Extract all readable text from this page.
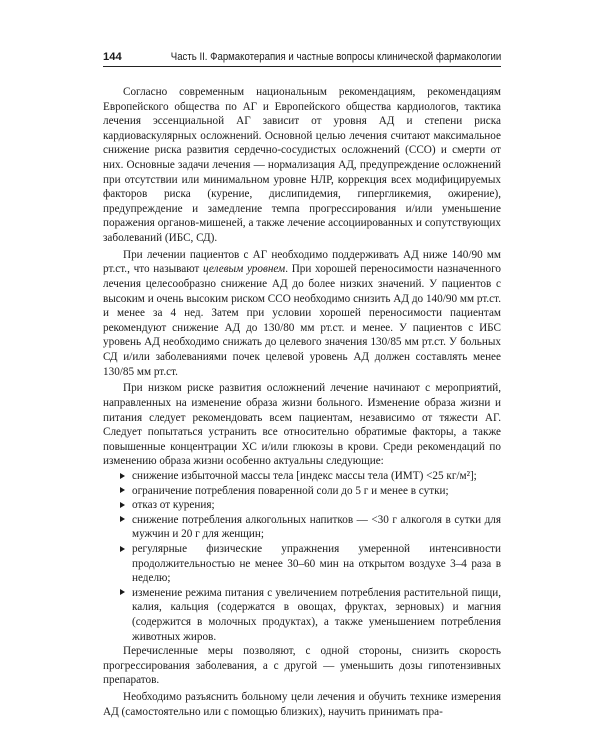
144	Часть II. Фармакотерапия и частные вопросы клинической фармакологии

Согласно современным национальным рекомендациям, рекомендациям Европейского общества по АГ и Европейского общества кардиологов, тактика лечения эссенциальной АГ зависит от уровня АД и степени риска кардиоваскулярных осложнений. Основной целью лечения считают максимальное снижение риска развития сердечно-сосудистых осложнений (ССО) и смерти от них. Основные задачи лечения — нормализация АД, предупреждение осложнений при отсутствии или минимальном уровне НЛР, коррекция всех модифицируемых факторов риска (курение, дислипидемия, гипергликемия, ожирение), предупреждение и замедление темпа прогрессирования и/или уменьшение поражения органов-мишеней, а также лечение ассоциированных и сопутствующих заболеваний (ИБС, СД).

При лечении пациентов с АГ необходимо поддерживать АД ниже 140/90 мм рт.ст., что называют целевым уровнем. При хорошей переносимости назначенного лечения целесообразно снижение АД до более низких значений. У пациентов с высоким и очень высоким риском ССО необходимо снизить АД до 140/90 мм рт.ст. и менее за 4 нед. Затем при условии хорошей переносимости пациентам рекомендуют снижение АД до 130/80 мм рт.ст. и менее. У пациентов с ИБС уровень АД необходимо снижать до целевого значения 130/85 мм рт.ст. У больных СД и/или заболеваниями почек целевой уровень АД должен составлять менее 130/85 мм рт.ст.

При низком риске развития осложнений лечение начинают с мероприятий, направленных на изменение образа жизни больного. Изменение образа жизни и питания следует рекомендовать всем пациентам, независимо от тяжести АГ. Следует попытаться устранить все относительно обратимые факторы, а также повышенные концентрации ХС и/или глюкозы в крови. Среди рекомендаций по изменению образа жизни особенно актуальны следующие:

снижение избыточной массы тела [индекс массы тела (ИМТ) <25 кг/м²];
ограничение потребления поваренной соли до 5 г и менее в сутки;
отказ от курения;
снижение потребления алкогольных напитков — <30 г алкоголя в сутки для мужчин и 20 г для женщин;
регулярные физические упражнения умеренной интенсивности продолжительностью не менее 30–60 мин на открытом воздухе 3–4 раза в неделю;
изменение режима питания с увеличением потребления растительной пищи, калия, кальция (содержатся в овощах, фруктах, зерновых) и магния (содержится в молочных продуктах), а также уменьшением потребления животных жиров.

Перечисленные меры позволяют, с одной стороны, снизить скорость прогрессирования заболевания, а с другой — уменьшить дозы гипотензивных препаратов.

Необходимо разъяснить больному цели лечения и обучить технике измерения АД (самостоятельно или с помощью близких), научить принимать пра-
